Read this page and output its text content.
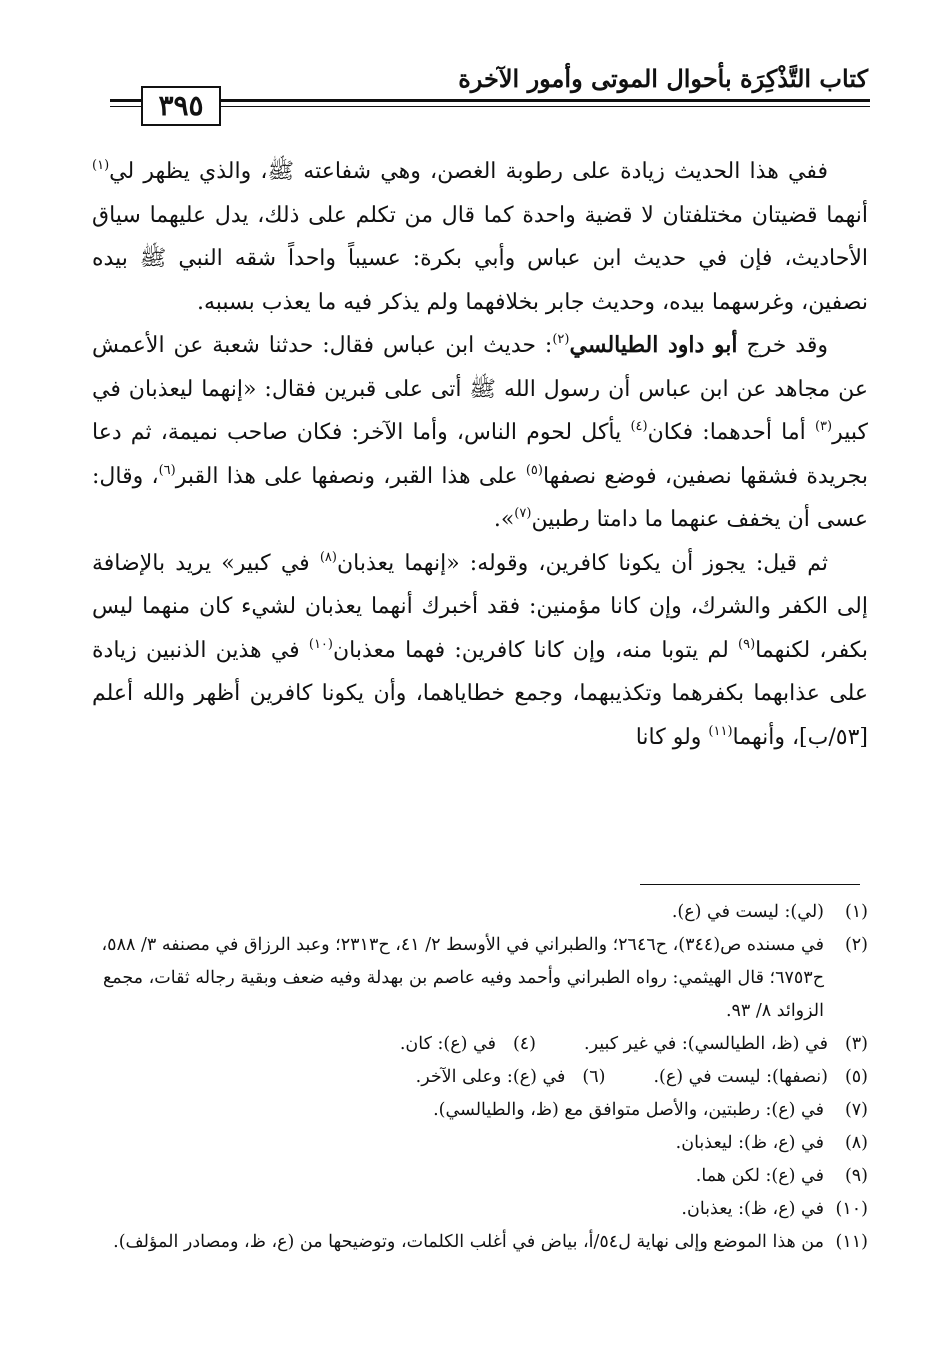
كتاب التَّذْكِرَة بأحوال الموتى وأمور الآخرة
٣٩٥

ففي هذا الحديث زيادة على رطوبة الغصن، وهي شفاعته ﷺ، والذي يظهر لي$^{(١)}$ أنهما قضيتان مختلفتان لا قضية واحدة كما قال من تكلم على ذلك، يدل عليهما سياق الأحاديث، فإن في حديث ابن عباس وأبي بكرة: عسيباً واحداً شقه النبي ﷺ بيده نصفين، وغرسهما بيده، وحديث جابر بخلافهما ولم يذكر فيه ما يعذب بسببه.

وقد خرج أبو داود الطيالسي$^{(٢)}$: حديث ابن عباس فقال: حدثنا شعبة عن الأعمش عن مجاهد عن ابن عباس أن رسول الله ﷺ أتى على قبرين فقال: «إنهما ليعذبان في كبير$^{(٣)}$ أما أحدهما: فكان$^{(٤)}$ يأكل لحوم الناس، وأما الآخر: فكان صاحب نميمة، ثم دعا بجريدة فشقها نصفين، فوضع نصفها$^{(٥)}$ على هذا القبر، ونصفها على هذا القبر$^{(٦)}$، وقال: عسى أن يخفف عنهما ما دامتا رطبين$^{(٧)}$».

ثم قيل: يجوز أن يكونا كافرين، وقوله: «إنهما يعذبان$^{(٨)}$ في كبير» يريد بالإضافة إلى الكفر والشرك، وإن كانا مؤمنين: فقد أخبرك أنهما يعذبان لشيء كان منهما ليس بكفر، لكنهما$^{(٩)}$ لم يتوبا منه، وإن كانا كافرين: فهما معذبان$^{(١٠)}$ في هذين الذنبين زيادة على عذابهما بكفرهما وتكذيبهما، وجمع خطاياهما، وأن يكونا كافرين أظهر والله أعلم [٥٣/ب]، وأنهما$^{(١١)}$ ولو كانا

(١)
(لي): ليست في (ع).
(٢)
في مسنده ص(٣٤٤)، ح٢٦٤٦؛ والطبراني في الأوسط ٢/ ٤١، ح٢٣١٣؛ وعبد الرزاق في مصنفه ٣/ ٥٨٨، ح٦٧٥٣؛ قال الهيثمي: رواه الطبراني وأحمد وفيه عاصم بن بهدلة وفيه ضعف وبقية رجاله ثقات، مجمع الزوائد ٨/ ٩٣.
(٣)
في (ظ، الطيالسي): في غير كبير.
(٤)
في (ع): كان.
(٥)
(نصفها): ليست في (ع).
(٦)
في (ع): وعلى الآخر.
(٧)
في (ع): رطبتين، والأصل متوافق مع (ظ، والطيالسي).
(٨)
في (ع، ظ): ليعذبان.
(٩)
في (ع): لكن هما.
(١٠)
في (ع، ظ): يعذبان.
(١١)
من هذا الموضع وإلى نهاية ل٥٤/أ، بياض في أغلب الكلمات، وتوضيحها من (ع، ظ، ومصادر المؤلف).
